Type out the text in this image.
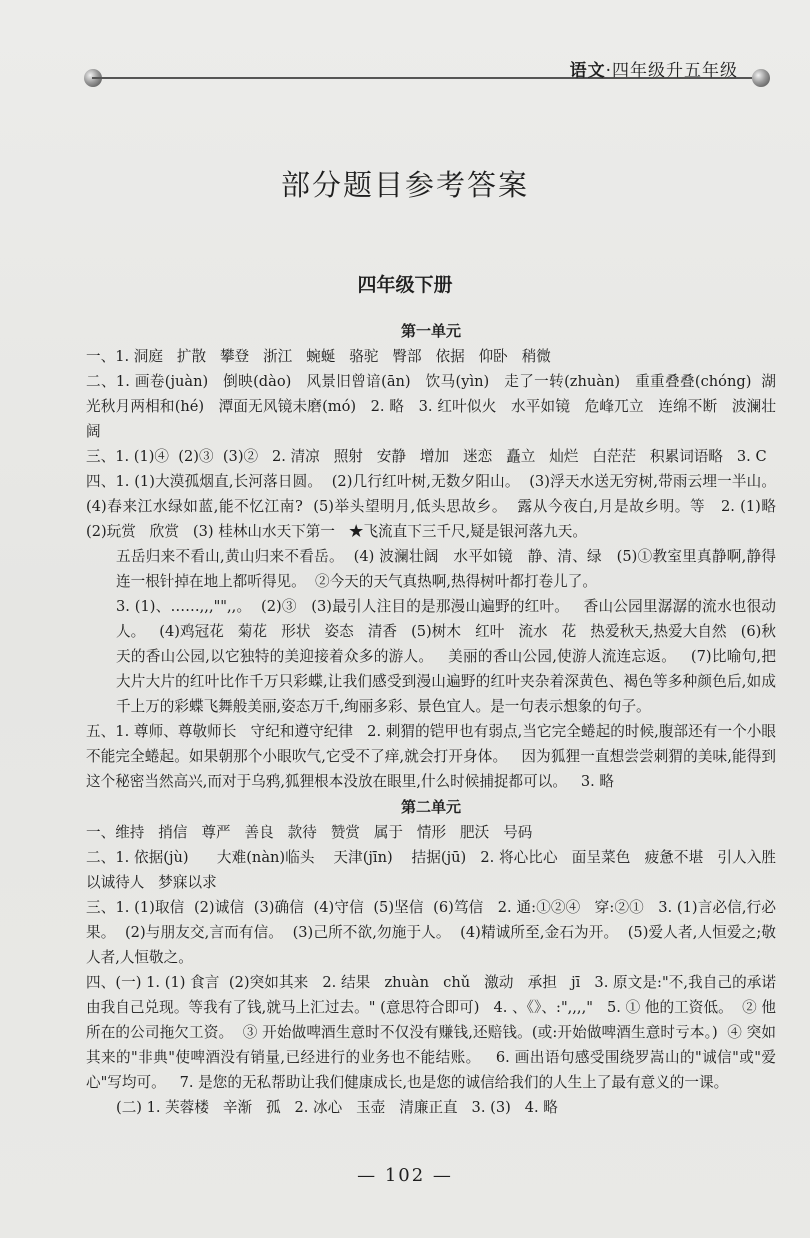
语文·四年级升五年级
部分题目参考答案
四年级下册
第一单元

一、1. 洞庭   扩散   攀登   浙江   蜿蜒   骆驼   臀部   依据   仰卧   稍微

二、1. 画卷(juàn)   倒映(dào)   风景旧曾谙(ān)   饮马(yìn)   走了一转(zhuàn)   重重叠叠(chóng)  湖光秋月两相和(hé)   潭面无风镜未磨(mó)   2. 略   3. 红叶似火   水平如镜   危峰兀立   连绵不断   波澜壮阔

三、1. (1)④  (2)③  (3)②   2. 清凉   照射   安静   增加   迷恋   矗立   灿烂   白茫茫   积累词语略   3. C

四、1. (1)大漠孤烟直,长河落日圆。  (2)几行红叶树,无数夕阳山。  (3)浮天水送无穷树,带雨云埋一半山。  (4)春来江水绿如蓝,能不忆江南?  (5)举头望明月,低头思故乡。  露从今夜白,月是故乡明。等   2. (1)略   (2)玩赏   欣赏   (3) 桂林山水天下第一   ★飞流直下三千尺,疑是银河落九天。

五岳归来不看山,黄山归来不看岳。  (4) 波澜壮阔   水平如镜   静、清、绿   (5)①教室里真静啊,静得连一根针掉在地上都听得见。  ②今天的天气真热啊,热得树叶都打卷儿了。

3. (1)、……,,,"",,。  (2)③   (3)最引人注目的是那漫山遍野的红叶。   香山公园里潺潺的流水也很动人。   (4)鸡冠花   菊花   形状   姿态   清香   (5)树木   红叶   流水   花   热爱秋天,热爱大自然   (6)秋天的香山公园,以它独特的美迎接着众多的游人。   美丽的香山公园,使游人流连忘返。   (7)比喻句,把大片大片的红叶比作千万只彩蝶,让我们感受到漫山遍野的红叶夹杂着深黄色、褐色等多种颜色后,如成千上万的彩蝶飞舞般美丽,姿态万千,绚丽多彩、景色宜人。是一句表示想象的句子。

五、1. 尊师、尊敬师长   守纪和遵守纪律   2. 刺猬的铠甲也有弱点,当它完全蜷起的时候,腹部还有一个小眼不能完全蜷起。如果朝那个小眼吹气,它受不了痒,就会打开身体。   因为狐狸一直想尝尝刺猬的美味,能得到这个秘密当然高兴,而对于乌鸦,狐狸根本没放在眼里,什么时候捕捉都可以。   3. 略

第二单元

一、维持   捎信   尊严   善良   款待   赞赏   属于   情形   肥沃   号码

二、1. 依据(jù)      大难(nàn)临头    天津(jīn)    拮据(jū)   2. 将心比心   面呈菜色   疲惫不堪   引人入胜   以诚待人   梦寐以求

三、1. (1)取信  (2)诚信  (3)确信  (4)守信  (5)坚信  (6)笃信   2. 通:①②④   穿:②①   3. (1)言必信,行必果。  (2)与朋友交,言而有信。  (3)己所不欲,勿施于人。  (4)精诚所至,金石为开。  (5)爱人者,人恒爱之;敬人者,人恒敬之。

四、(一) 1. (1) 食言  (2)突如其来   2. 结果   zhuàn   chǔ   激动   承担   jī   3. 原文是:"不,我自己的承诺由我自己兑现。等我有了钱,就马上汇过去。" (意思符合即可)   4. 、《》、:",,,,"   5. ① 他的工资低。  ② 他所在的公司拖欠工资。  ③ 开始做啤酒生意时不仅没有赚钱,还赔钱。(或:开始做啤酒生意时亏本。)  ④ 突如其来的"非典"使啤酒没有销量,已经进行的业务也不能结账。   6. 画出语句感受围绕罗嵩山的"诚信"或"爱心"写均可。   7. 是您的无私帮助让我们健康成长,也是您的诚信给我们的人生上了最有意义的一课。

(二) 1. 芙蓉楼   辛渐   孤   2. 冰心   玉壶   清廉正直   3. (3)   4. 略

— 102 —
